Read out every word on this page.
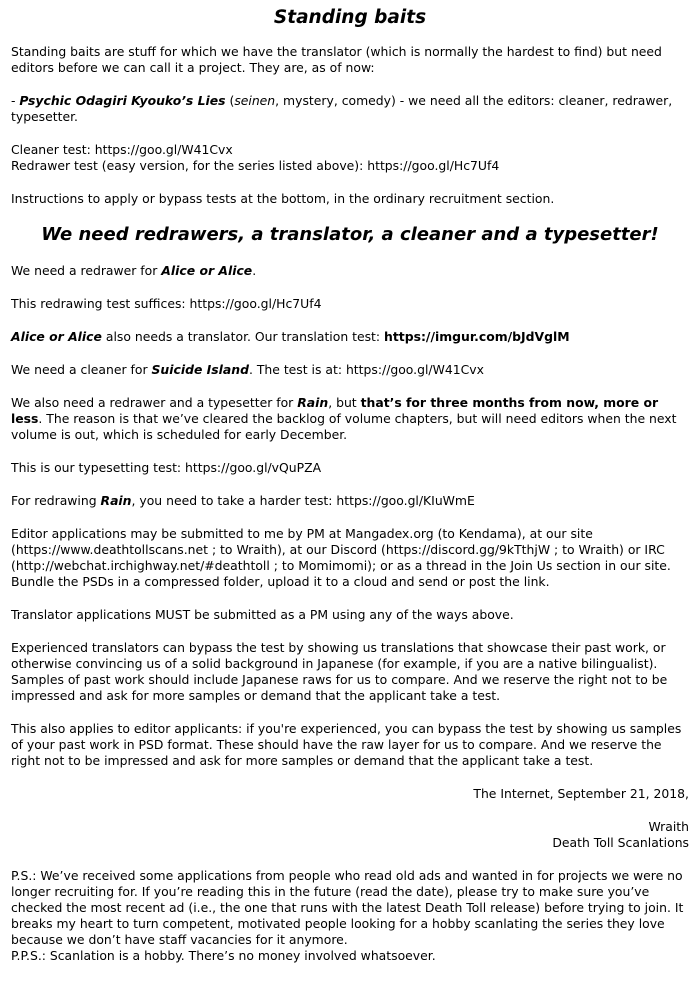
Standing baits

Standing baits are stuff for which we have the translator (which is normally the hardest to find) but need editors before we can call it a project. They are, as of now:

- Psychic Odagiri Kyouko’s Lies (seinen, mystery, comedy) - we need all the editors: cleaner, redrawer, typesetter.

Cleaner test: https://goo.gl/W41Cvx

Redrawer test (easy version, for the series listed above): https://goo.gl/Hc7Uf4

Instructions to apply or bypass tests at the bottom, in the ordinary recruitment section.

We need redrawers, a translator, a cleaner and a typesetter!

We need a redrawer for Alice or Alice.

This redrawing test suffices: https://goo.gl/Hc7Uf4

Alice or Alice also needs a translator. Our translation test: https://imgur.com/bJdVglM

We need a cleaner for Suicide Island. The test is at: https://goo.gl/W41Cvx

We also need a redrawer and a typesetter for Rain, but that’s for three months from now, more or less. The reason is that we’ve cleared the backlog of volume chapters, but will need editors when the next volume is out, which is scheduled for early December.

This is our typesetting test: https://goo.gl/vQuPZA

For redrawing Rain, you need to take a harder test: https://goo.gl/KIuWmE

Editor applications may be submitted to me by PM at Mangadex.org (to Kendama), at our site (https://www.deathtollscans.net ; to Wraith), at our Discord (https://discord.gg/9kTthjW ; to Wraith) or IRC (http://webchat.irchighway.net/#deathtoll ; to Momimomi); or as a thread in the Join Us section in our site. Bundle the PSDs in a compressed folder, upload it to a cloud and send or post the link.

Translator applications MUST be submitted as a PM using any of the ways above.

Experienced translators can bypass the test by showing us translations that showcase their past work, or otherwise convincing us of a solid background in Japanese (for example, if you are a native bilingualist). Samples of past work should include Japanese raws for us to compare. And we reserve the right not to be impressed and ask for more samples or demand that the applicant take a test.

This also applies to editor applicants: if you're experienced, you can bypass the test by showing us samples of your past work in PSD format. These should have the raw layer for us to compare. And we reserve the right not to be impressed and ask for more samples or demand that the applicant take a test.

The Internet, September 21, 2018,

Wraith

Death Toll Scanlations

P.S.: We’ve received some applications from people who read old ads and wanted in for projects we were no longer recruiting for. If you’re reading this in the future (read the date), please try to make sure you’ve checked the most recent ad (i.e., the one that runs with the latest Death Toll release) before trying to join. It breaks my heart to turn competent, motivated people looking for a hobby scanlating the series they love because we don’t have staff vacancies for it anymore.

P.P.S.: Scanlation is a hobby. There’s no money involved whatsoever.
